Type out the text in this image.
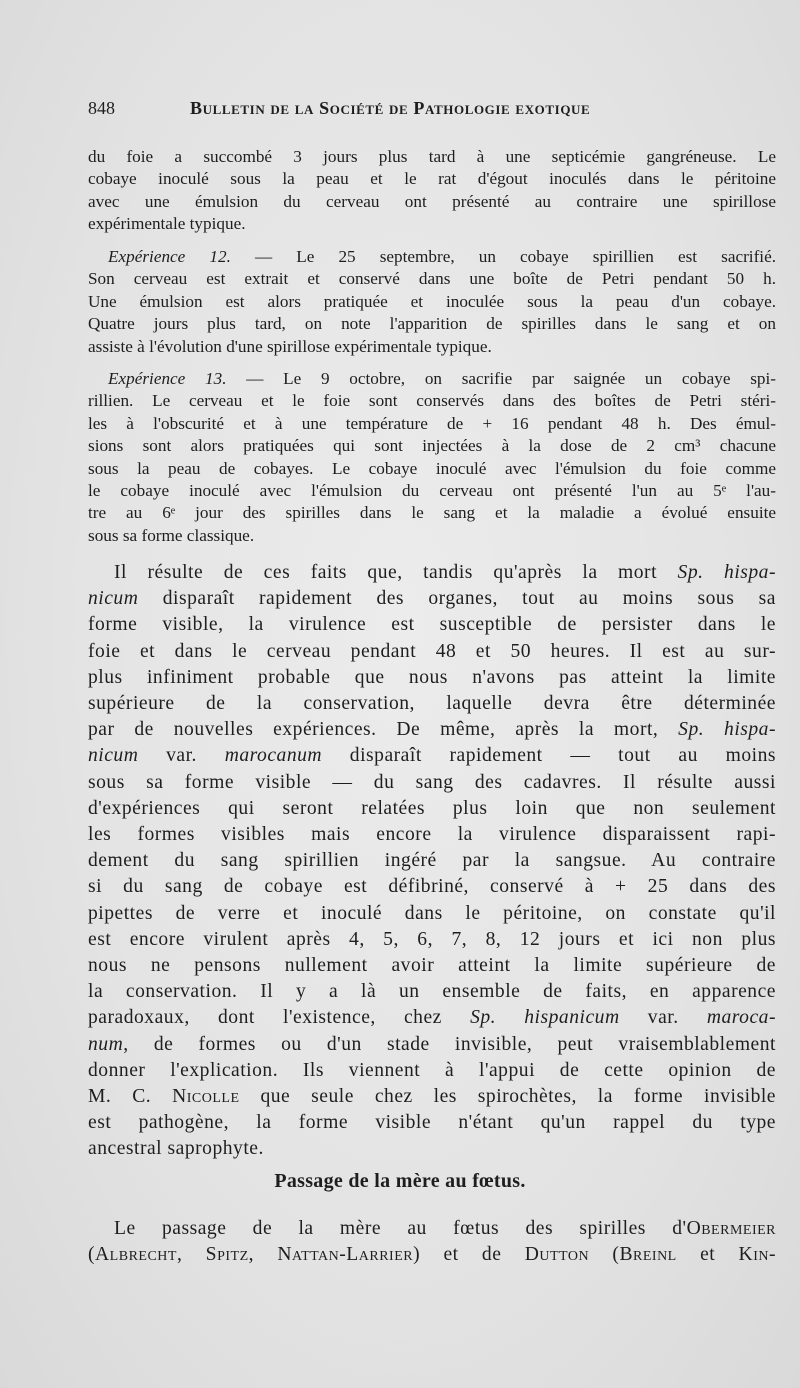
848	Bulletin de la Société de Pathologie exotique
du foie a succombé 3 jours plus tard à une septicémie gangréneuse. Le
cobaye inoculé sous la peau et le rat d'égout inoculés dans le péritoine
avec une émulsion du cerveau ont présenté au contraire une spirillose
expérimentale typique.
Expérience 12. — Le 25 septembre, un cobaye spirillien est sacrifié.
Son cerveau est extrait et conservé dans une boîte de Petri pendant 50 h.
Une émulsion est alors pratiquée et inoculée sous la peau d'un cobaye.
Quatre jours plus tard, on note l'apparition de spirilles dans le sang et on
assiste à l'évolution d'une spirillose expérimentale typique.
Expérience 13. — Le 9 octobre, on sacrifie par saignée un cobaye spi-
rillien. Le cerveau et le foie sont conservés dans des boîtes de Petri stéri-
les à l'obscurité et à une température de + 16 pendant 48 h. Des émul-
sions sont alors pratiquées qui sont injectées à la dose de 2 cm³ chacune
sous la peau de cobayes. Le cobaye inoculé avec l'émulsion du foie comme
le cobaye inoculé avec l'émulsion du cerveau ont présenté l'un au 5ᵉ l'au-
tre au 6ᵉ jour des spirilles dans le sang et la maladie a évolué ensuite
sous sa forme classique.
Il résulte de ces faits que, tandis qu'après la mort Sp. hispa-
nicum disparaît rapidement des organes, tout au moins sous sa
forme visible, la virulence est susceptible de persister dans le
foie et dans le cerveau pendant 48 et 50 heures. Il est au sur-
plus infiniment probable que nous n'avons pas atteint la limite
supérieure de la conservation, laquelle devra être déterminée
par de nouvelles expériences. De même, après la mort, Sp. hispa-
nicum var. marocanum disparaît rapidement — tout au moins
sous sa forme visible — du sang des cadavres. Il résulte aussi
d'expériences qui seront relatées plus loin que non seulement
les formes visibles mais encore la virulence disparaissent rapi-
dement du sang spirillien ingéré par la sangsue. Au contraire
si du sang de cobaye est défibriné, conservé à + 25 dans des
pipettes de verre et inoculé dans le péritoine, on constate qu'il
est encore virulent après 4, 5, 6, 7, 8, 12 jours et ici non plus
nous ne pensons nullement avoir atteint la limite supérieure de
la conservation. Il y a là un ensemble de faits, en apparence
paradoxaux, dont l'existence, chez Sp. hispanicum var. maroca-
num, de formes ou d'un stade invisible, peut vraisemblablement
donner l'explication. Ils viennent à l'appui de cette opinion de
M. C. Nicolle que seule chez les spirochètes, la forme invisible
est pathogène, la forme visible n'étant qu'un rappel du type
ancestral saprophyte.
Passage de la mère au fœtus.
Le passage de la mère au fœtus des spirilles d'Obermeier
(Albrecht, Spitz, Nattan-Larrier) et de Dutton (Breinl et Kin-
